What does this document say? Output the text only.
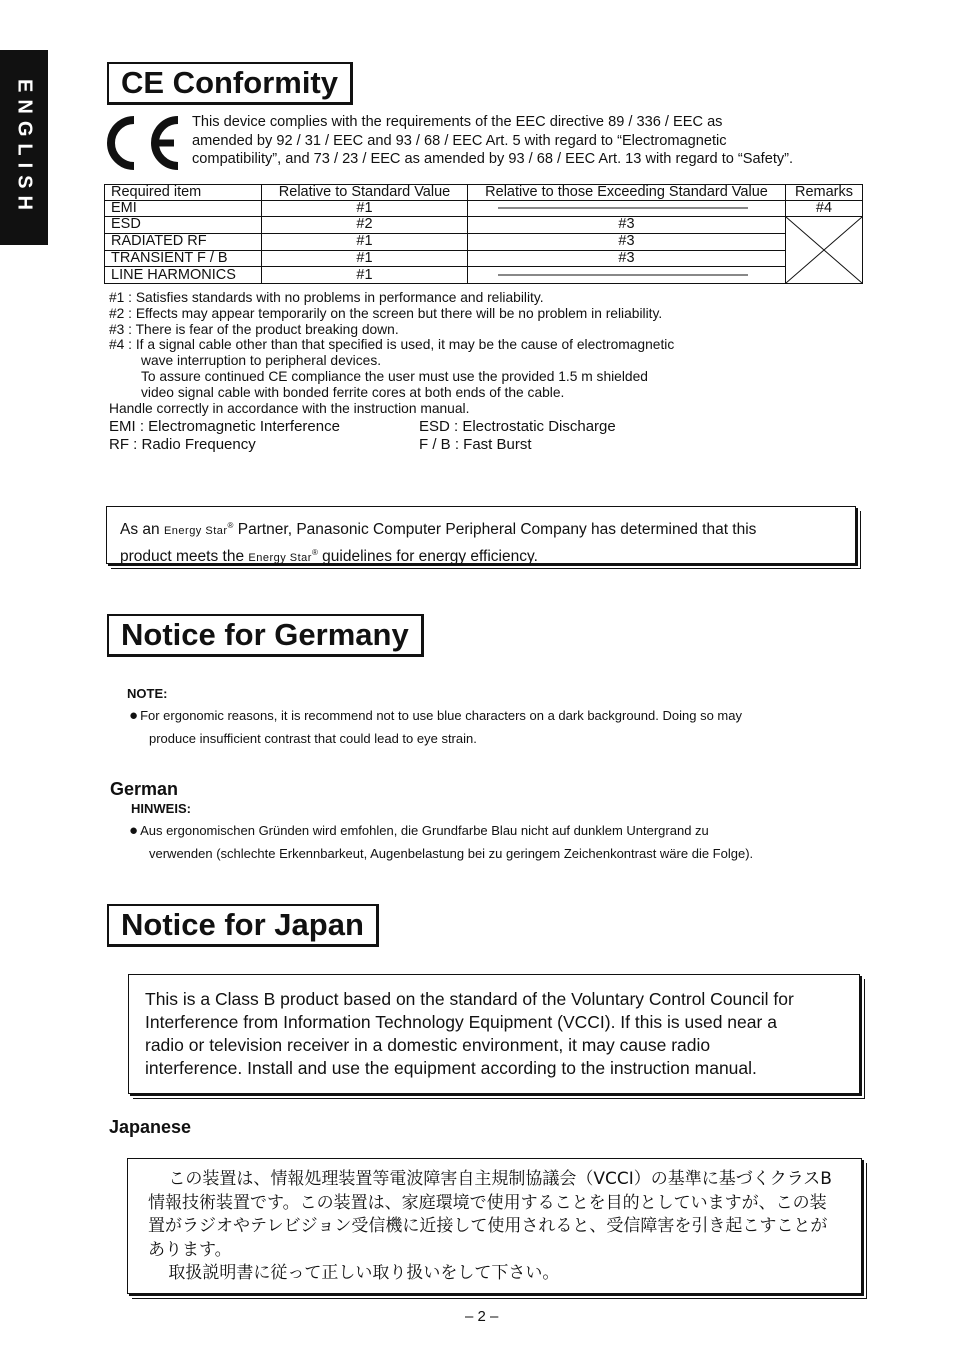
ENGLISH	CE Conformity
This device complies with the requirements of the EEC directive 89 / 336 / EEC as
amended by 92 / 31 / EEC and 93 / 68 / EEC Art. 5 with regard to “Electromagnetic
compatibility”, and 73 / 23 / EEC as amended by 93 / 68 / EEC Art. 13 with regard to “Safety”.
Required item	Relative to Standard Value	Relative to those Exceeding Standard Value	Remarks
EMI	#1		#4
ESD	#2	#3	

RADIATED RF	#1	#3	
TRANSIENT F / B	#1	#3	
LINE HARMONICS	#1	
#1 : Satisfies standards with no problems in performance and reliability.
#2 : Effects may appear temporarily on the screen but there will be no problem in reliability.
#3 : There is fear of the product breaking down.
#4 : If a signal cable other than that specified is used, it may be the cause of electromagnetic
wave interruption to peripheral devices.
To assure continued CE compliance the user must use the provided 1.5 m shielded
video signal cable with bonded ferrite cores at both ends of the cable.
Handle correctly in accordance with the instruction manual.
EMI : Electromagnetic Interference	ESD : Electrostatic Discharge
RF : Radio Frequency	F / B : Fast Burst
As an Energy Star® Partner, Panasonic Computer Peripheral Company has determined that this
product meets the Energy Star® guidelines for energy efficiency.
Notice for Germany
NOTE:
● For ergonomic reasons, it is recommend not to use blue characters on a dark background. Doing so may
produce insufficient contrast that could lead to eye strain.
German
HINWEIS:
● Aus ergonomischen Gründen wird emfohlen, die Grundfarbe Blau nicht auf dunklem Untergrand zu
verwenden (schlechte Erkennbarkeut, Augenbelastung bei zu geringem Zeichenkontrast wäre die Folge).
Notice for Japan
This is a Class B product based on the standard of the Voluntary Control Council for
Interference from Information Technology Equipment (VCCI). If this is used near a
radio or television receiver in a domestic environment, it may cause radio
interference. Install and use the equipment according to the instruction manual.
Japanese

この装置は、情報処理装置等電波障害自主規制協議会（VCCI）の基準に基づくクラスB情報技術装置です。この装置は、家庭環境で使用することを目的としていますが、この装置がラジオやテレビジョン受信機に近接して使用されると、受信障害を引き起こすことがあります。

取扱説明書に従って正しい取り扱いをして下さい。

– 2 –
